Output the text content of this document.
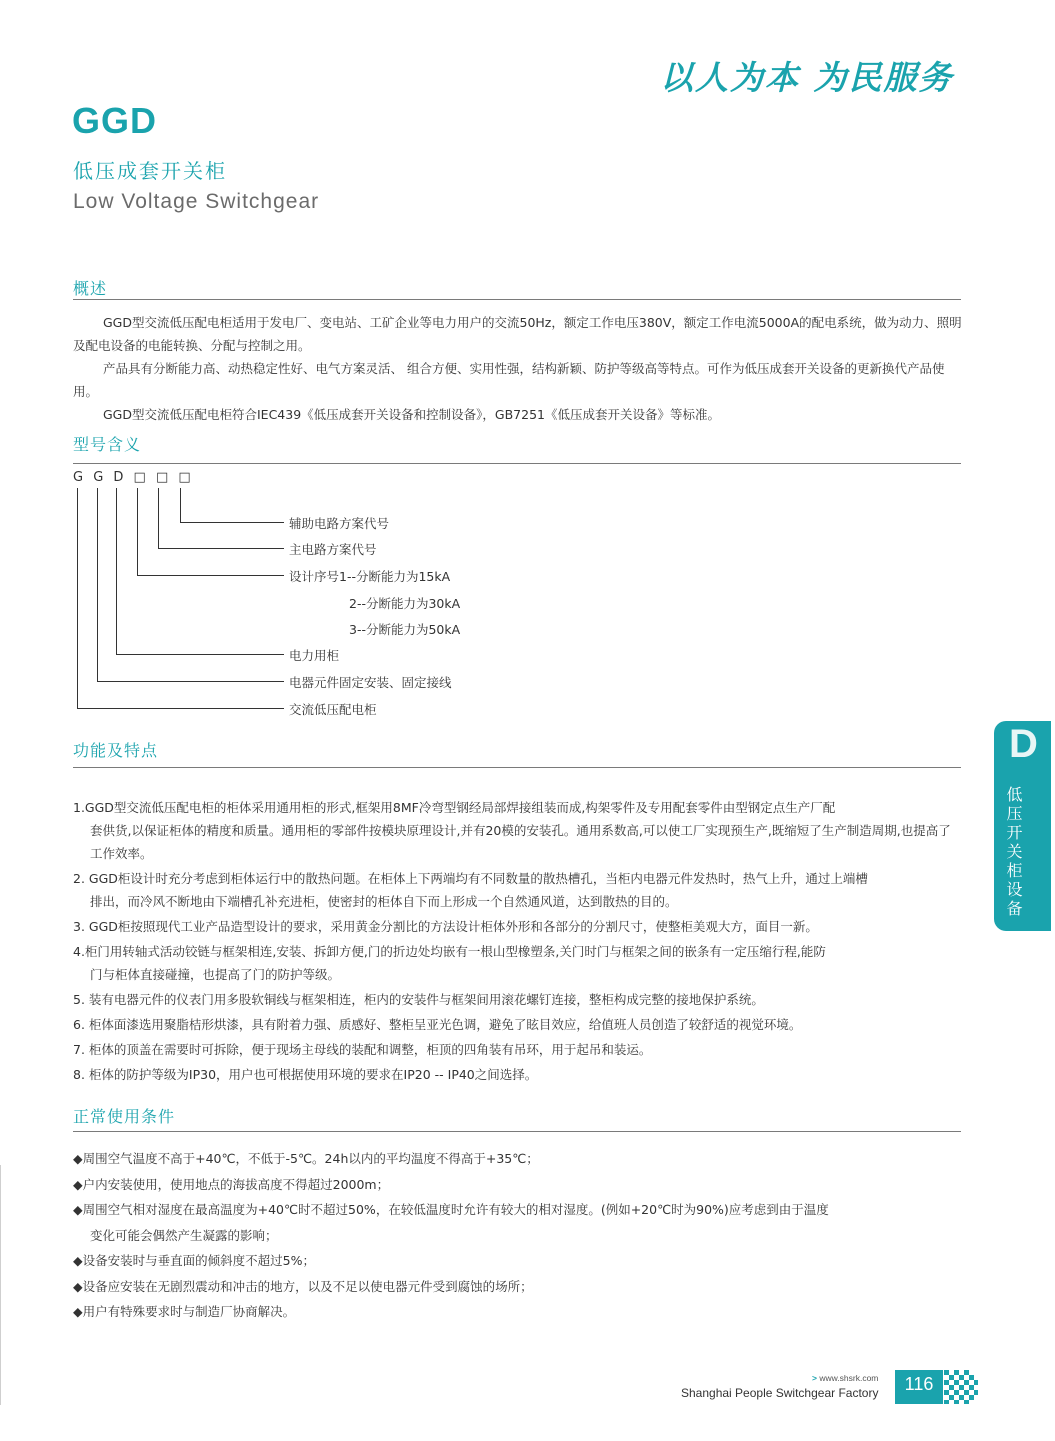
以人为本 为民服务
GGD
低压成套开关柜
Low Voltage Switchgear
概述

GGD型交流低压配电柜适用于发电厂、变电站、工矿企业等电力用户的交流50Hz，额定工作电压380V，额定工作电流5000A的配电系统，做为动力、照明及配电设备的电能转换、分配与控制之用。

产品具有分断能力高、动热稳定性好、电气方案灵活、 组合方便、实用性强，结构新颖、防护等级高等特点。可作为低压成套开关设备的更新换代产品使用。

GGD型交流低压配电柜符合IEC439《低压成套开关设备和控制设备》，GB7251《低压成套开关设备》等标准。

型号含义
G G D □ □ □
辅助电路方案代号
主电路方案代号
设计序号1--分断能力为15kA
2--分断能力为30kA
3--分断能力为50kA
电力用柜
电器元件固定安装、固定接线
交流低压配电柜
功能及特点
1.GGD型交流低压配电柜的柜体采用通用柜的形式,框架用8MF冷弯型钢经局部焊接组装而成,构架零件及专用配套零件由型钢定点生产厂配
套供货,以保证柜体的精度和质量。通用柜的零部件按模块原理设计,并有20模的安装孔。通用系数高,可以使工厂实现预生产,既缩短了生产制造周期,也提高了工作效率。
2. GGD柜设计时充分考虑到柜体运行中的散热问题。在柜体上下两端均有不同数量的散热槽孔，当柜内电器元件发热时，热气上升，通过上端槽
排出，而冷风不断地由下端槽孔补充进柜，使密封的柜体自下而上形成一个自然通风道，达到散热的目的。
3. GGD柜按照现代工业产品造型设计的要求，采用黄金分割比的方法设计柜体外形和各部分的分割尺寸，使整柜美观大方，面目一新。
4.柜门用转轴式活动铰链与框架相连,安装、拆卸方便,门的折边处均嵌有一根山型橡塑条,关门时门与框架之间的嵌条有一定压缩行程,能防
门与柜体直接碰撞，也提高了门的防护等级。
5. 装有电器元件的仪表门用多股软铜线与框架相连，柜内的安装件与框架间用滚花螺钉连接，整柜构成完整的接地保护系统。
6. 柜体面漆选用聚脂桔形烘漆，具有附着力强、质感好、整柜呈亚光色调，避免了眩目效应，给值班人员创造了较舒适的视觉环境。
7. 柜体的顶盖在需要时可拆除，便于现场主母线的装配和调整，柜顶的四角装有吊环，用于起吊和装运。
8. 柜体的防护等级为IP30，用户也可根据使用环境的要求在IP20 -- IP40之间选择。
正常使用条件
◆周围空气温度不高于+40℃，不低于-5℃。24h以内的平均温度不得高于+35℃；
◆户内安装使用，使用地点的海拔高度不得超过2000m；
◆周围空气相对湿度在最高温度为+40℃时不超过50%，在较低温度时允许有较大的相对湿度。(例如+20℃时为90%)应考虑到由于温度
变化可能会偶然产生凝露的影响；
◆设备安装时与垂直面的倾斜度不超过5%；
◆设备应安装在无剧烈震动和冲击的地方，以及不足以使电器元件受到腐蚀的场所；
◆用户有特殊要求时与制造厂协商解决。
D
低压开关柜设备
> www.shsrk.com
Shanghai People Switchgear Factory	116
